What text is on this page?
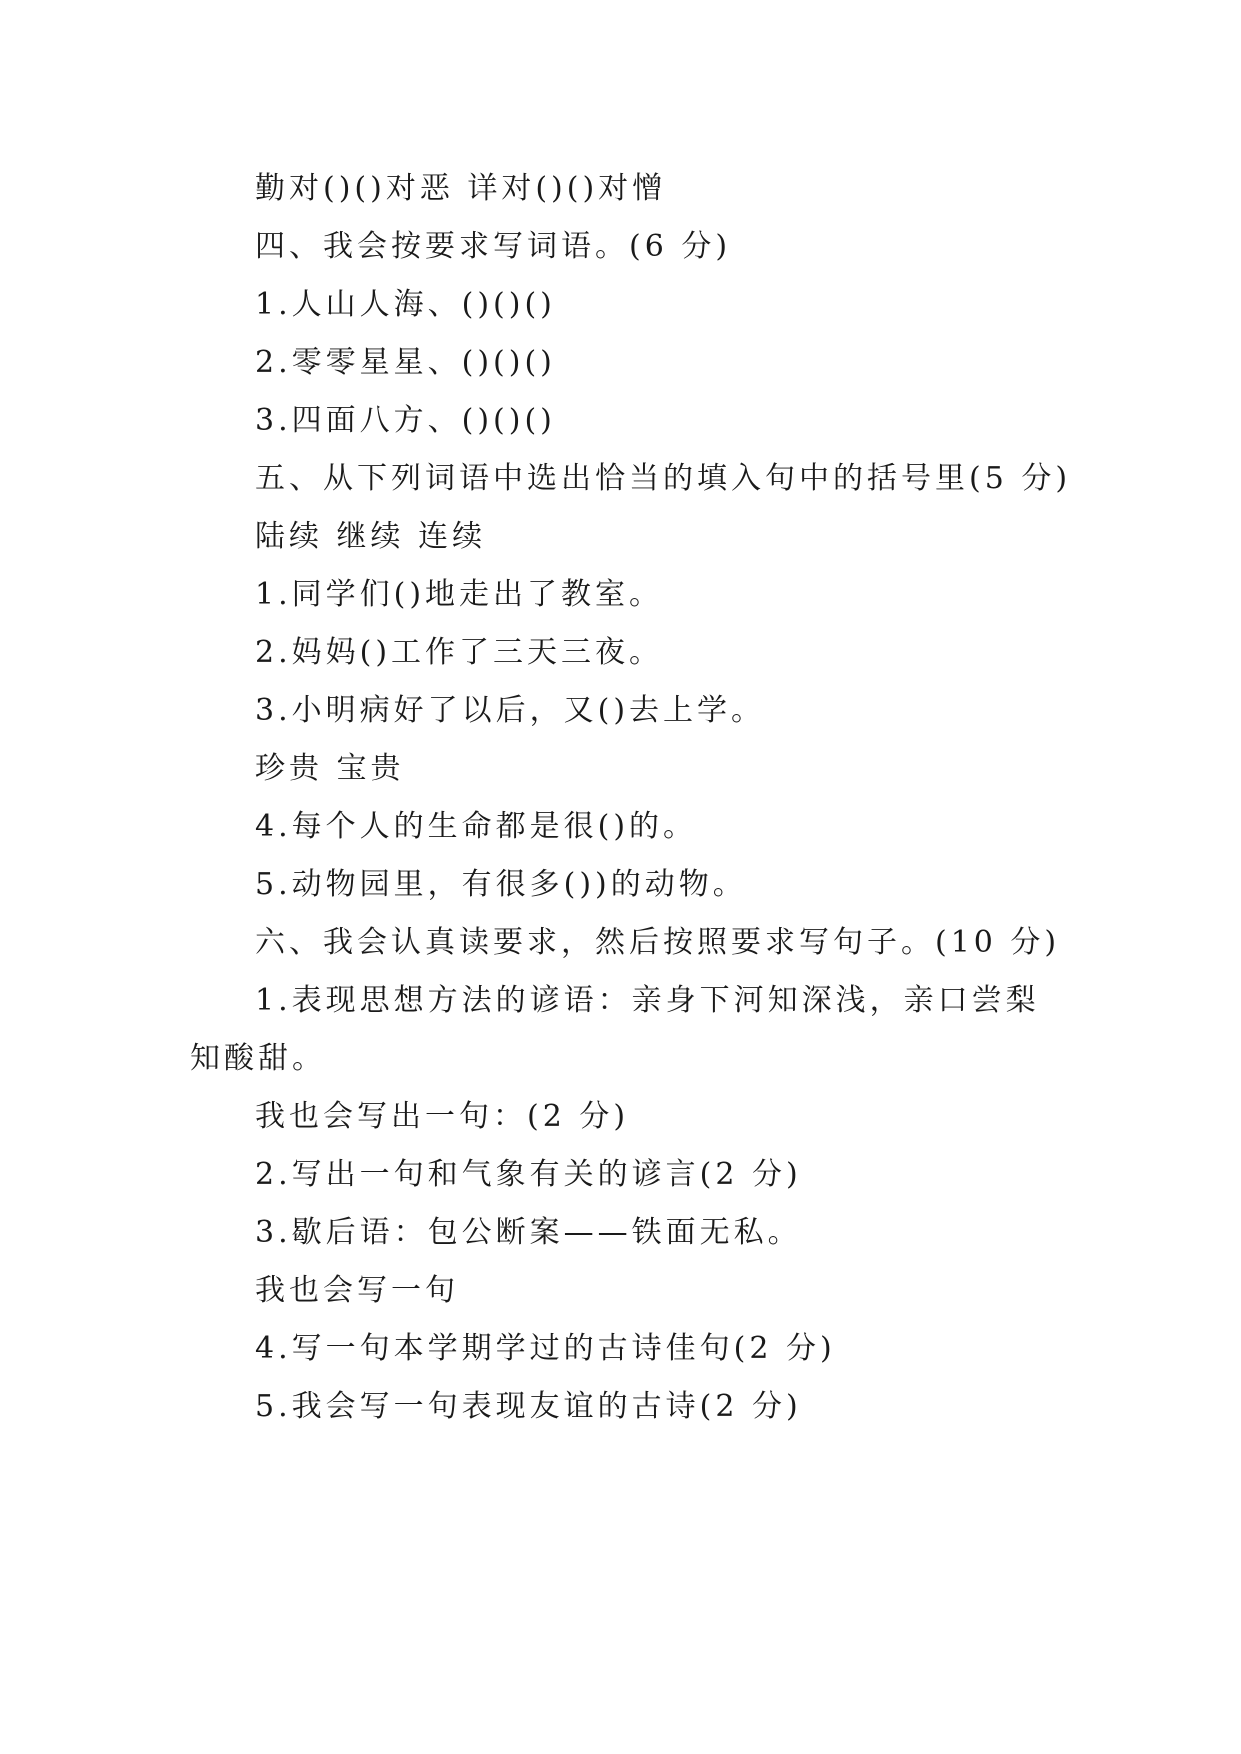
勤对()()对恶 详对()()对憎
四、我会按要求写词语。(6 分)
1.人山人海、()()()
2.零零星星、()()()
3.四面八方、()()()
五、从下列词语中选出恰当的填入句中的括号里(5 分)
陆续 继续 连续
1.同学们()地走出了教室。
2.妈妈()工作了三天三夜。
3.小明病好了以后，又()去上学。
珍贵 宝贵
4.每个人的生命都是很()的。
5.动物园里，有很多())的动物。
六、我会认真读要求，然后按照要求写句子。(10 分)
1.表现思想方法的谚语：亲身下河知深浅，亲口尝梨知酸甜。
我也会写出一句：(2 分)
2.写出一句和气象有关的谚言(2 分)
3.歇后语：包公断案——铁面无私。
我也会写一句
4.写一句本学期学过的古诗佳句(2 分)
5.我会写一句表现友谊的古诗(2 分)
